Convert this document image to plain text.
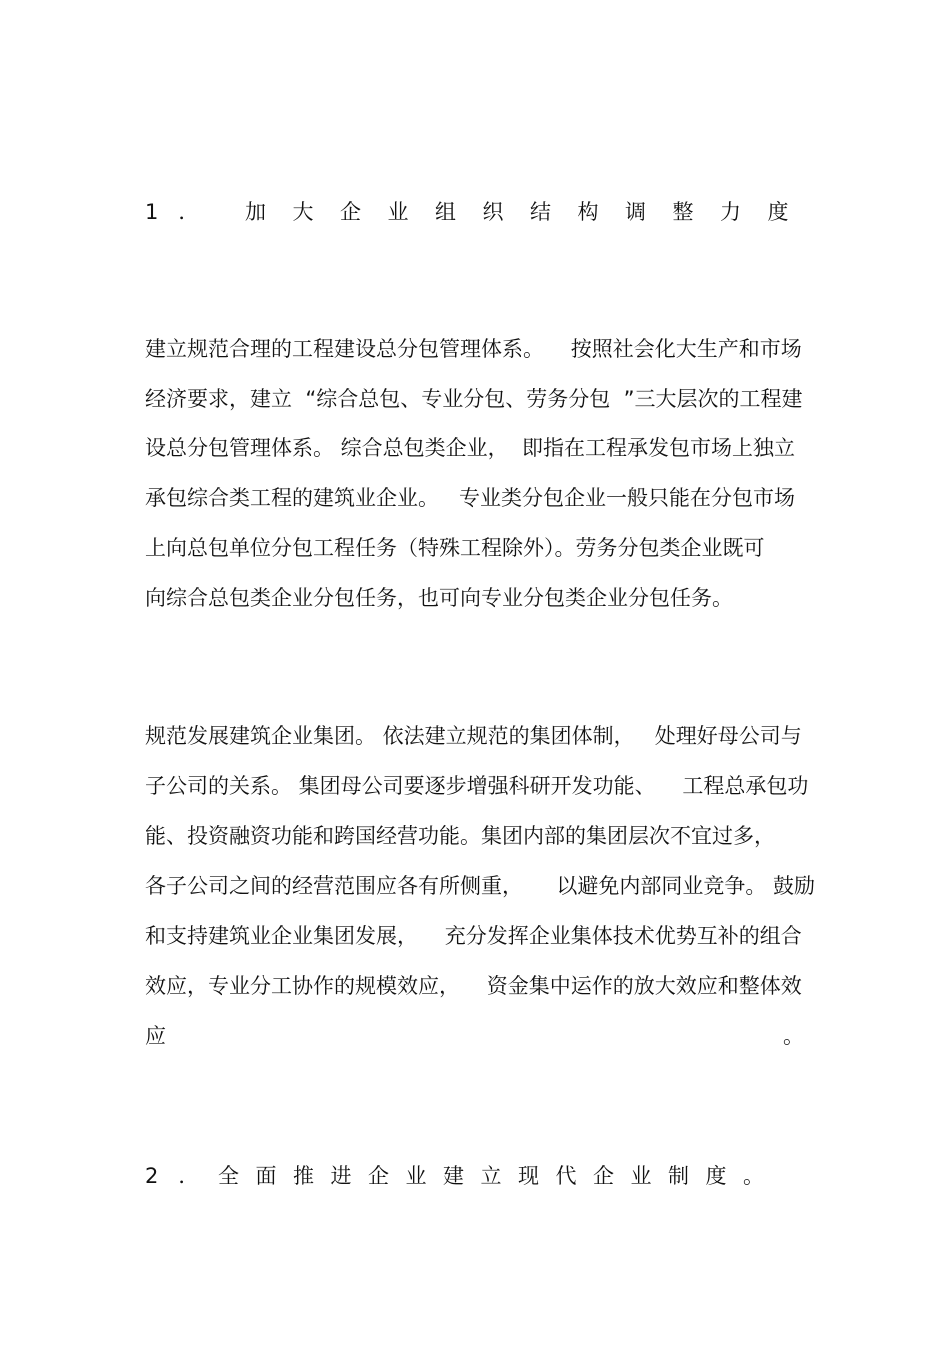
1． 加大企业组织结构调整力度
建立规范合理的工程建设总分包管理体系。    按照社会化大生产和市场
经济要求，建立  “综合总包、专业分包、劳务分包  ”三大层次的工程建
设总分包管理体系。 综合总包类企业，  即指在工程承发包市场上独立
承包综合类工程的建筑业企业。   专业类分包企业一般只能在分包市场
上向总包单位分包工程任务（特殊工程除外）。劳务分包类企业既可
向综合总包类企业分包任务，也可向专业分包类企业分包任务。
规范发展建筑企业集团。 依法建立规范的集团体制，   处理好母公司与
子公司的关系。 集团母公司要逐步增强科研开发功能、    工程总承包功
能、投资融资功能和跨国经营功能。集团内部的集团层次不宜过多，
各子公司之间的经营范围应各有所侧重，     以避免内部同业竞争。 鼓励
和支持建筑业企业集团发展，    充分发挥企业集体技术优势互补的组合
效应，专业分工协作的规模效应，    资金集中运作的放大效应和整体效
应	。
2．全面推进企业建立现代企业制度。
